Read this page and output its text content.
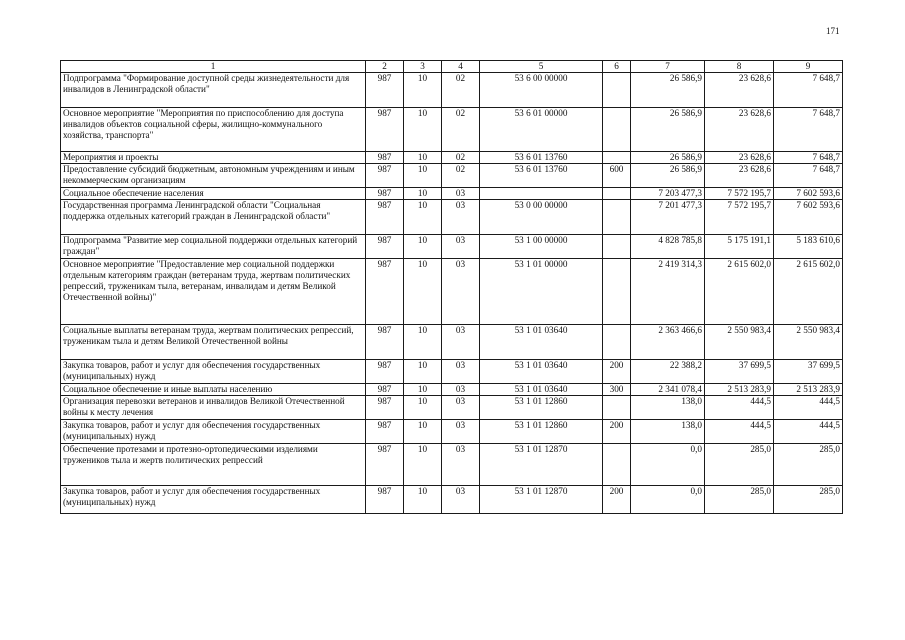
171
1	2	3	4	5	6	7	8	9
Подпрограмма "Формирование доступной среды жизнедеятельности для инвалидов в Ленинградской области"	987	10	02	53 6 00 00000		26 586,9	23 628,6	7 648,7
Основное мероприятие "Мероприятия по приспособлению для доступа инвалидов объектов социальной сферы, жилищно-коммунального хозяйства, транспорта"	987	10	02	53 6 01 00000		26 586,9	23 628,6	7 648,7
Мероприятия и проекты	987	10	02	53 6 01 13760		26 586,9	23 628,6	7 648,7
Предоставление субсидий бюджетным, автономным учреждениям и иным некоммерческим организациям	987	10	02	53 6 01 13760	600	26 586,9	23 628,6	7 648,7
Социальное обеспечение населения	987	10	03			7 203 477,3	7 572 195,7	7 602 593,6
Государственная программа Ленинградской области "Социальная поддержка отдельных категорий граждан в Ленинградской области"	987	10	03	53 0 00 00000		7 201 477,3	7 572 195,7	7 602 593,6
Подпрограмма "Развитие мер социальной поддержки отдельных категорий граждан"	987	10	03	53 1 00 00000		4 828 785,8	5 175 191,1	5 183 610,6
Основное мероприятие "Предоставление мер социальной поддержки отдельным категориям граждан (ветеранам труда, жертвам политических репрессий, труженикам тыла, ветеранам, инвалидам и детям Великой Отечественной войны)"	987	10	03	53 1 01 00000		2 419 314,3	2 615 602,0	2 615 602,0
Социальные выплаты ветеранам труда, жертвам политических репрессий, труженикам тыла и детям Великой Отечественной войны	987	10	03	53 1 01 03640		2 363 466,6	2 550 983,4	2 550 983,4
Закупка товаров, работ и услуг для обеспечения государственных (муниципальных) нужд	987	10	03	53 1 01 03640	200	22 388,2	37 699,5	37 699,5
Социальное обеспечение и иные выплаты населению	987	10	03	53 1 01 03640	300	2 341 078,4	2 513 283,9	2 513 283,9
Организация перевозки ветеранов и инвалидов Великой Отечественной войны к месту лечения	987	10	03	53 1 01 12860		138,0	444,5	444,5
Закупка товаров, работ и услуг для обеспечения государственных (муниципальных) нужд	987	10	03	53 1 01 12860	200	138,0	444,5	444,5
Обеспечение протезами и протезно-ортопедическими изделиями тружеников тыла и жертв политических репрессий	987	10	03	53 1 01 12870		0,0	285,0	285,0
Закупка товаров, работ и услуг для обеспечения государственных (муниципальных) нужд	987	10	03	53 1 01 12870	200	0,0	285,0	285,0
